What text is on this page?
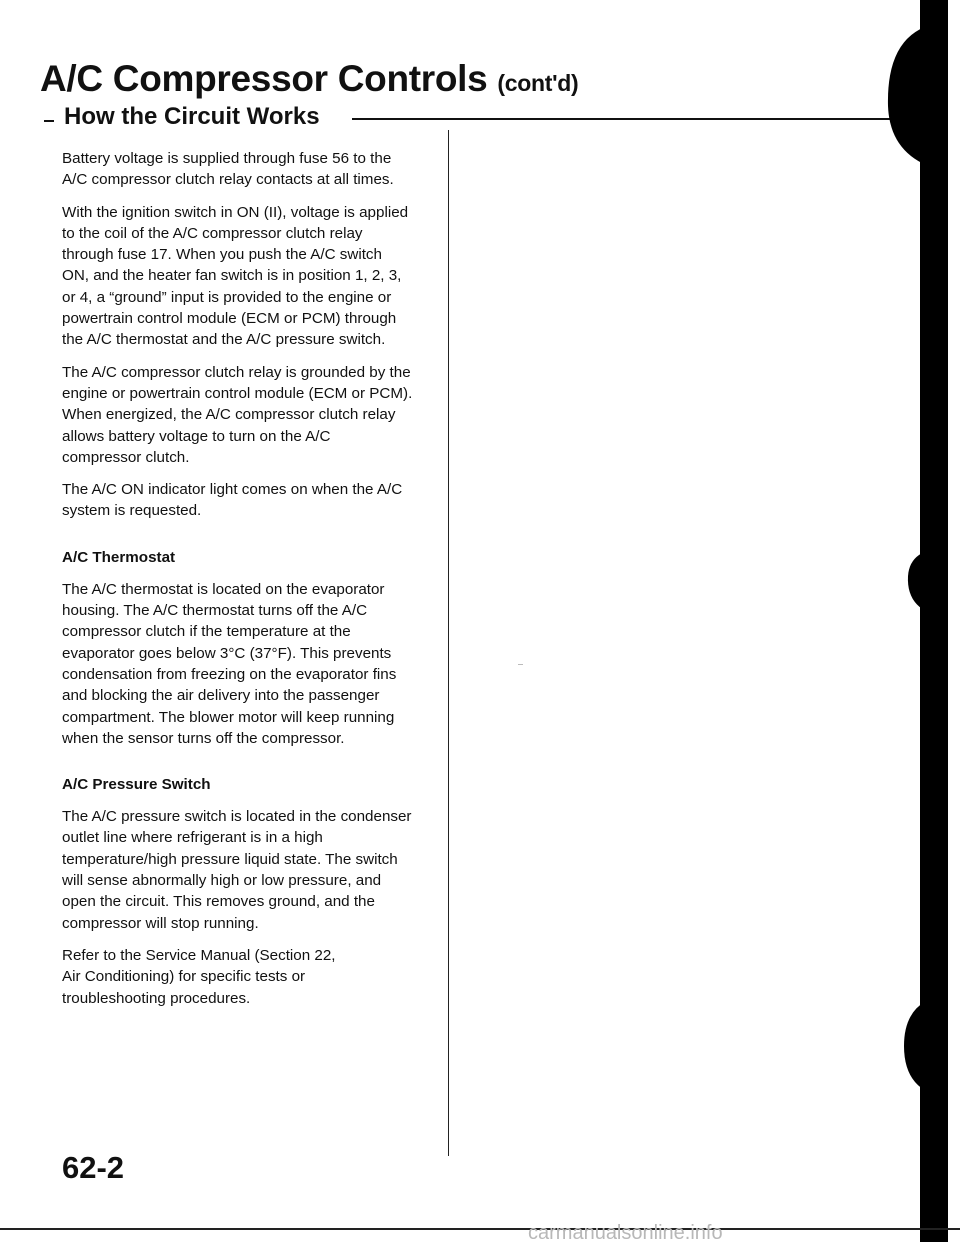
A/C Compressor Controls (cont'd)
How the Circuit Works

Battery voltage is supplied through fuse 56 to the
A/C compressor clutch relay contacts at all times.

With the ignition switch in ON (II), voltage is applied
to the coil of the A/C compressor clutch relay
through fuse 17. When you push the A/C switch
ON, and the heater fan switch is in position 1, 2, 3,
or 4, a “ground” input is provided to the engine or
powertrain control module (ECM or PCM) through
the A/C thermostat and the A/C pressure switch.

The A/C compressor clutch relay is grounded by the
engine or powertrain control module (ECM or PCM).
When energized, the A/C compressor clutch relay
allows battery voltage to turn on the A/C
compressor clutch.

The A/C ON indicator light comes on when the A/C
system is requested.

A/C Thermostat

The A/C thermostat is located on the evaporator
housing. The A/C thermostat turns off the A/C
compressor clutch if the temperature at the
evaporator goes below 3°C (37°F). This prevents
condensation from freezing on the evaporator fins
and blocking the air delivery into the passenger
compartment. The blower motor will keep running
when the sensor turns off the compressor.

A/C Pressure Switch

The A/C pressure switch is located in the condenser
outlet line where refrigerant is in a high
temperature/high pressure liquid state. The switch
will sense abnormally high or low pressure, and
open the circuit. This removes ground, and the
compressor will stop running.

Refer to the Service Manual (Section 22,
Air Conditioning) for specific tests or
troubleshooting procedures.

62-2

carmanualsonline.info
